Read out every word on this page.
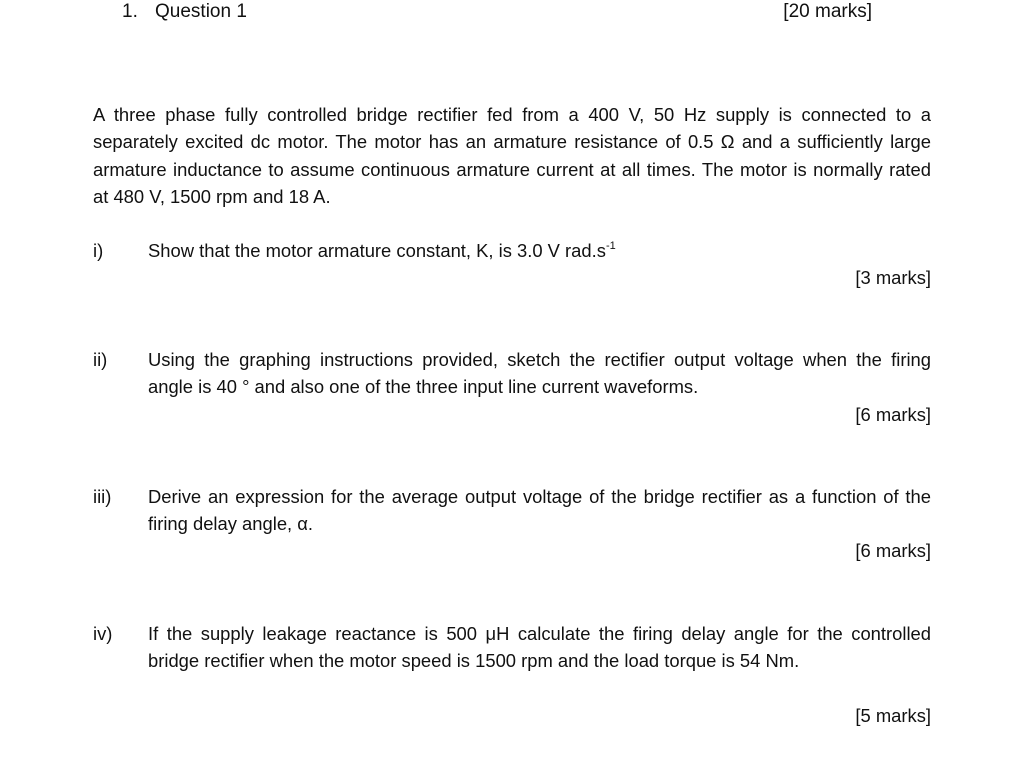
1. Question 1	[20 marks]
A three phase fully controlled bridge rectifier fed from a 400 V, 50 Hz supply is connected to a separately excited dc motor. The motor has an armature resistance of 0.5 Ω and a sufficiently large armature inductance to assume continuous armature current at all times. The motor is normally rated at 480 V, 1500 rpm and 18 A.
i) Show that the motor armature constant, K, is 3.0 V $rad.s^{-1}$
[3 marks]
ii) Using the graphing instructions provided, sketch the rectifier output voltage when the firing angle is 40 ° and also one of the three input line current waveforms.
[6 marks]
iii) Derive an expression for the average output voltage of the bridge rectifier as a function of the firing delay angle, α.
[6 marks]
iv) If the supply leakage reactance is 500 μH calculate the firing delay angle for the controlled bridge rectifier when the motor speed is 1500 rpm and the load torque is 54 Nm.
[5 marks]
